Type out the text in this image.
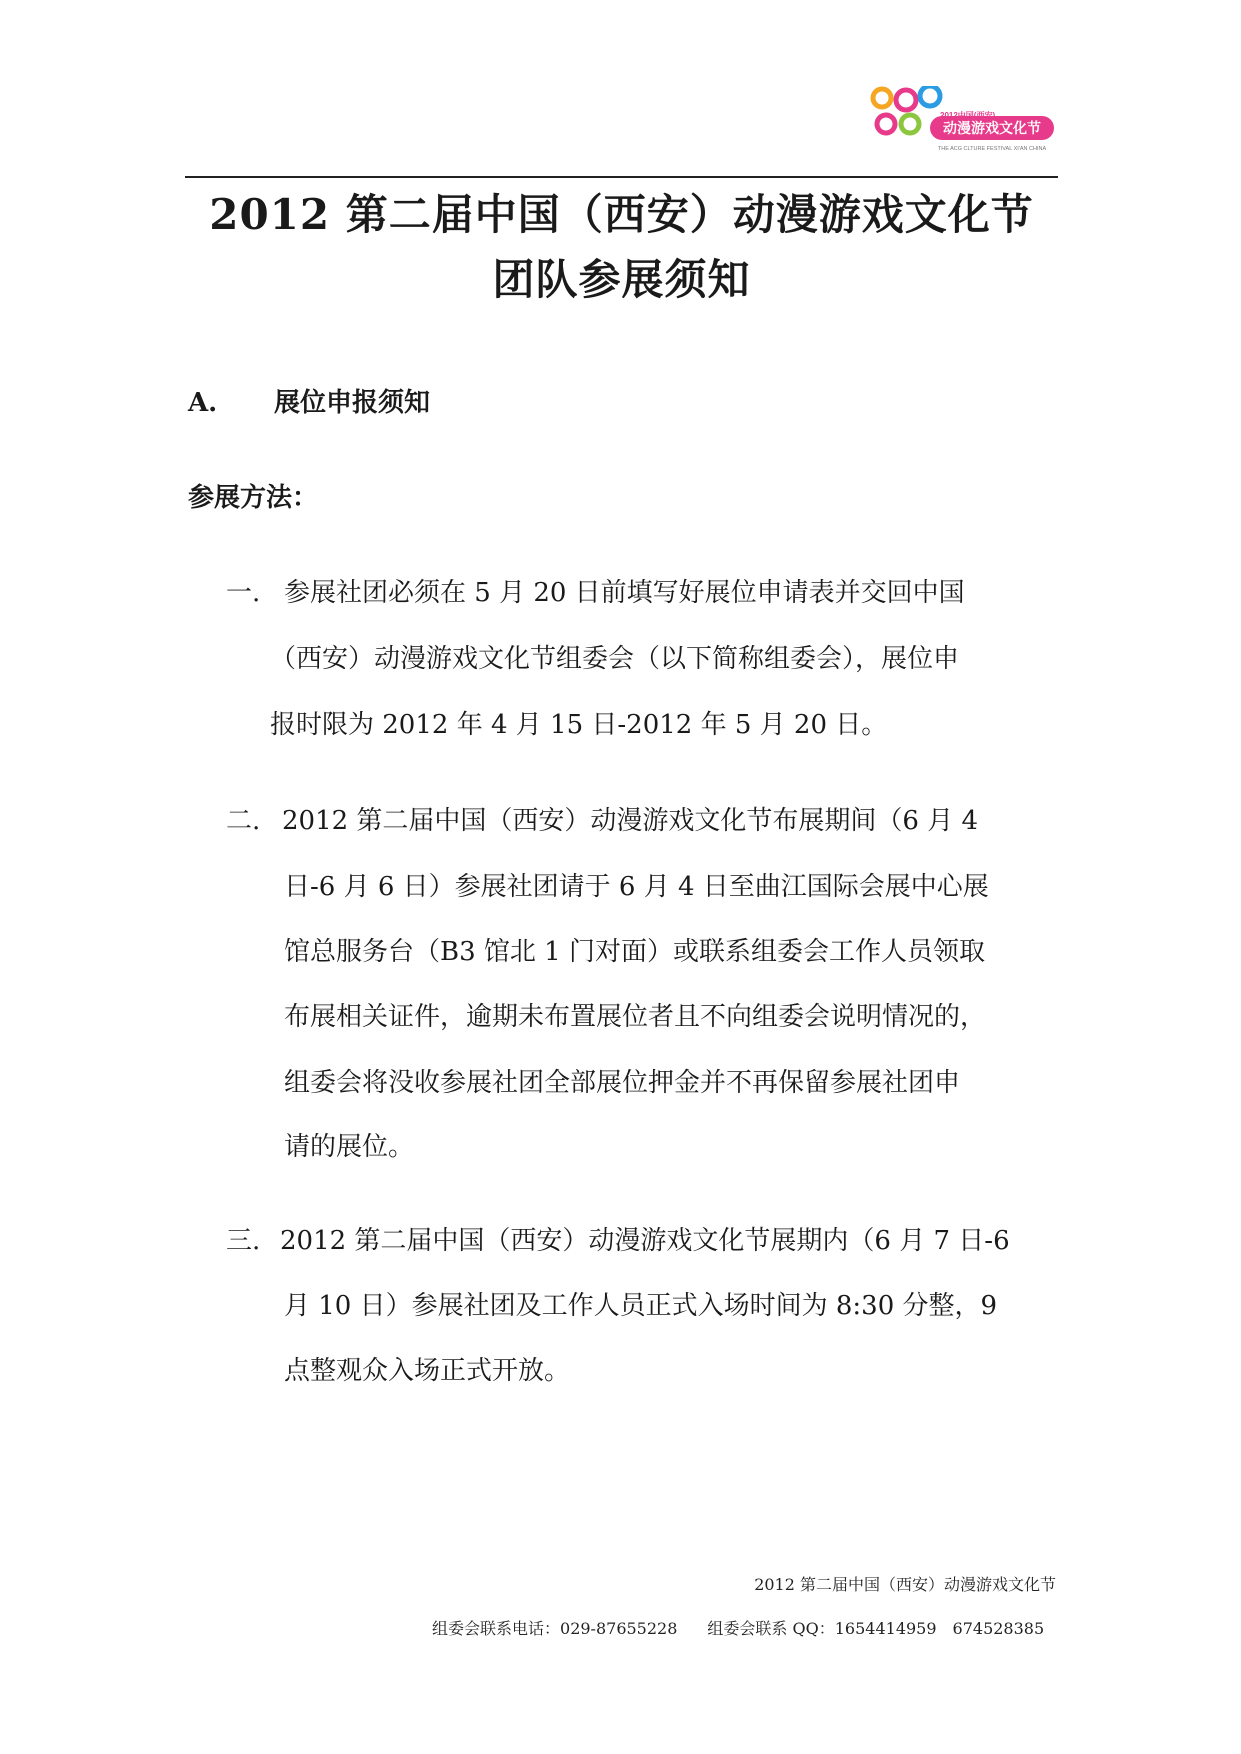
2012中国(西安)
动漫游戏文化节
THE ACG CLTURE FESTIVAL XI'AN CHINA
2012 第二届中国（西安）动漫游戏文化节
团队参展须知
A. 展位申报须知
参展方法：
一. 参展社团必须在 5 月 20 日前填写好展位申请表并交回中国
（西安）动漫游戏文化节组委会（以下简称组委会），展位申
报时限为 2012 年 4 月 15 日-2012 年 5 月 20 日。
二. 2012 第二届中国（西安）动漫游戏文化节布展期间（6 月 4
日-6 月 6 日）参展社团请于 6 月 4 日至曲江国际会展中心展
馆总服务台（B3 馆北 1 门对面）或联系组委会工作人员领取
布展相关证件，逾期未布置展位者且不向组委会说明情况的，
组委会将没收参展社团全部展位押金并不再保留参展社团申
请的展位。
三. 2012 第二届中国（西安）动漫游戏文化节展期内（6 月 7 日-6
月 10 日）参展社团及工作人员正式入场时间为 8:30 分整，9
点整观众入场正式开放。
2012 第二届中国（西安）动漫游戏文化节
组委会联系电话：029-87655228 组委会联系 QQ：1654414959 674528385
